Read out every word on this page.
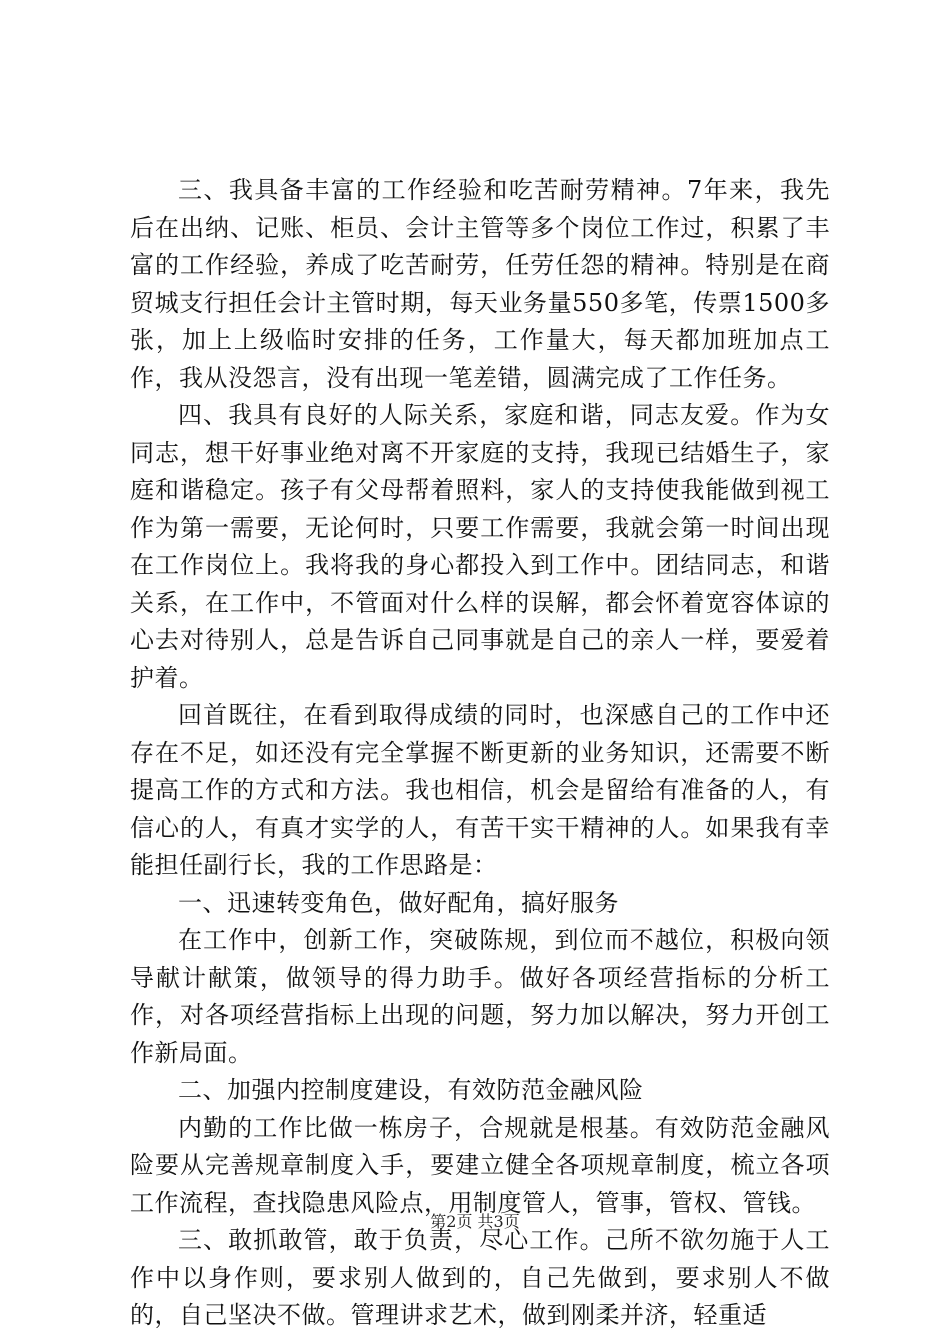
三、我具备丰富的工作经验和吃苦耐劳精神。7年来，我先后在出纳、记账、柜员、会计主管等多个岗位工作过，积累了丰富的工作经验，养成了吃苦耐劳，任劳任怨的精神。特别是在商贸城支行担任会计主管时期，每天业务量550多笔，传票1500多张，加上上级临时安排的任务，工作量大，每天都加班加点工作，我从没怨言，没有出现一笔差错，圆满完成了工作任务。

四、我具有良好的人际关系，家庭和谐，同志友爱。作为女同志，想干好事业绝对离不开家庭的支持，我现已结婚生子，家庭和谐稳定。孩子有父母帮着照料，家人的支持使我能做到视工作为第一需要，无论何时，只要工作需要，我就会第一时间出现在工作岗位上。我将我的身心都投入到工作中。团结同志，和谐关系，在工作中，不管面对什么样的误解，都会怀着宽容体谅的心去对待别人，总是告诉自己同事就是自己的亲人一样，要爱着护着。

回首既往，在看到取得成绩的同时，也深感自己的工作中还存在不足，如还没有完全掌握不断更新的业务知识，还需要不断提高工作的方式和方法。我也相信，机会是留给有准备的人，有信心的人，有真才实学的人，有苦干实干精神的人。如果我有幸能担任副行长，我的工作思路是：

一、迅速转变角色，做好配角，搞好服务

在工作中，创新工作，突破陈规，到位而不越位，积极向领导献计献策，做领导的得力助手。做好各项经营指标的分析工作，对各项经营指标上出现的问题，努力加以解决，努力开创工作新局面。

二、加强内控制度建设，有效防范金融风险

内勤的工作比做一栋房子，合规就是根基。有效防范金融风险要从完善规章制度入手，要建立健全各项规章制度，梳立各项工作流程，查找隐患风险点，用制度管人，管事，管权、管钱。

三、敢抓敢管，敢于负责，尽心工作。己所不欲勿施于人工作中以身作则，要求别人做到的，自己先做到，要求别人不做的，自己坚决不做。管理讲求艺术，做到刚柔并济，轻重适

第2页 共3页
